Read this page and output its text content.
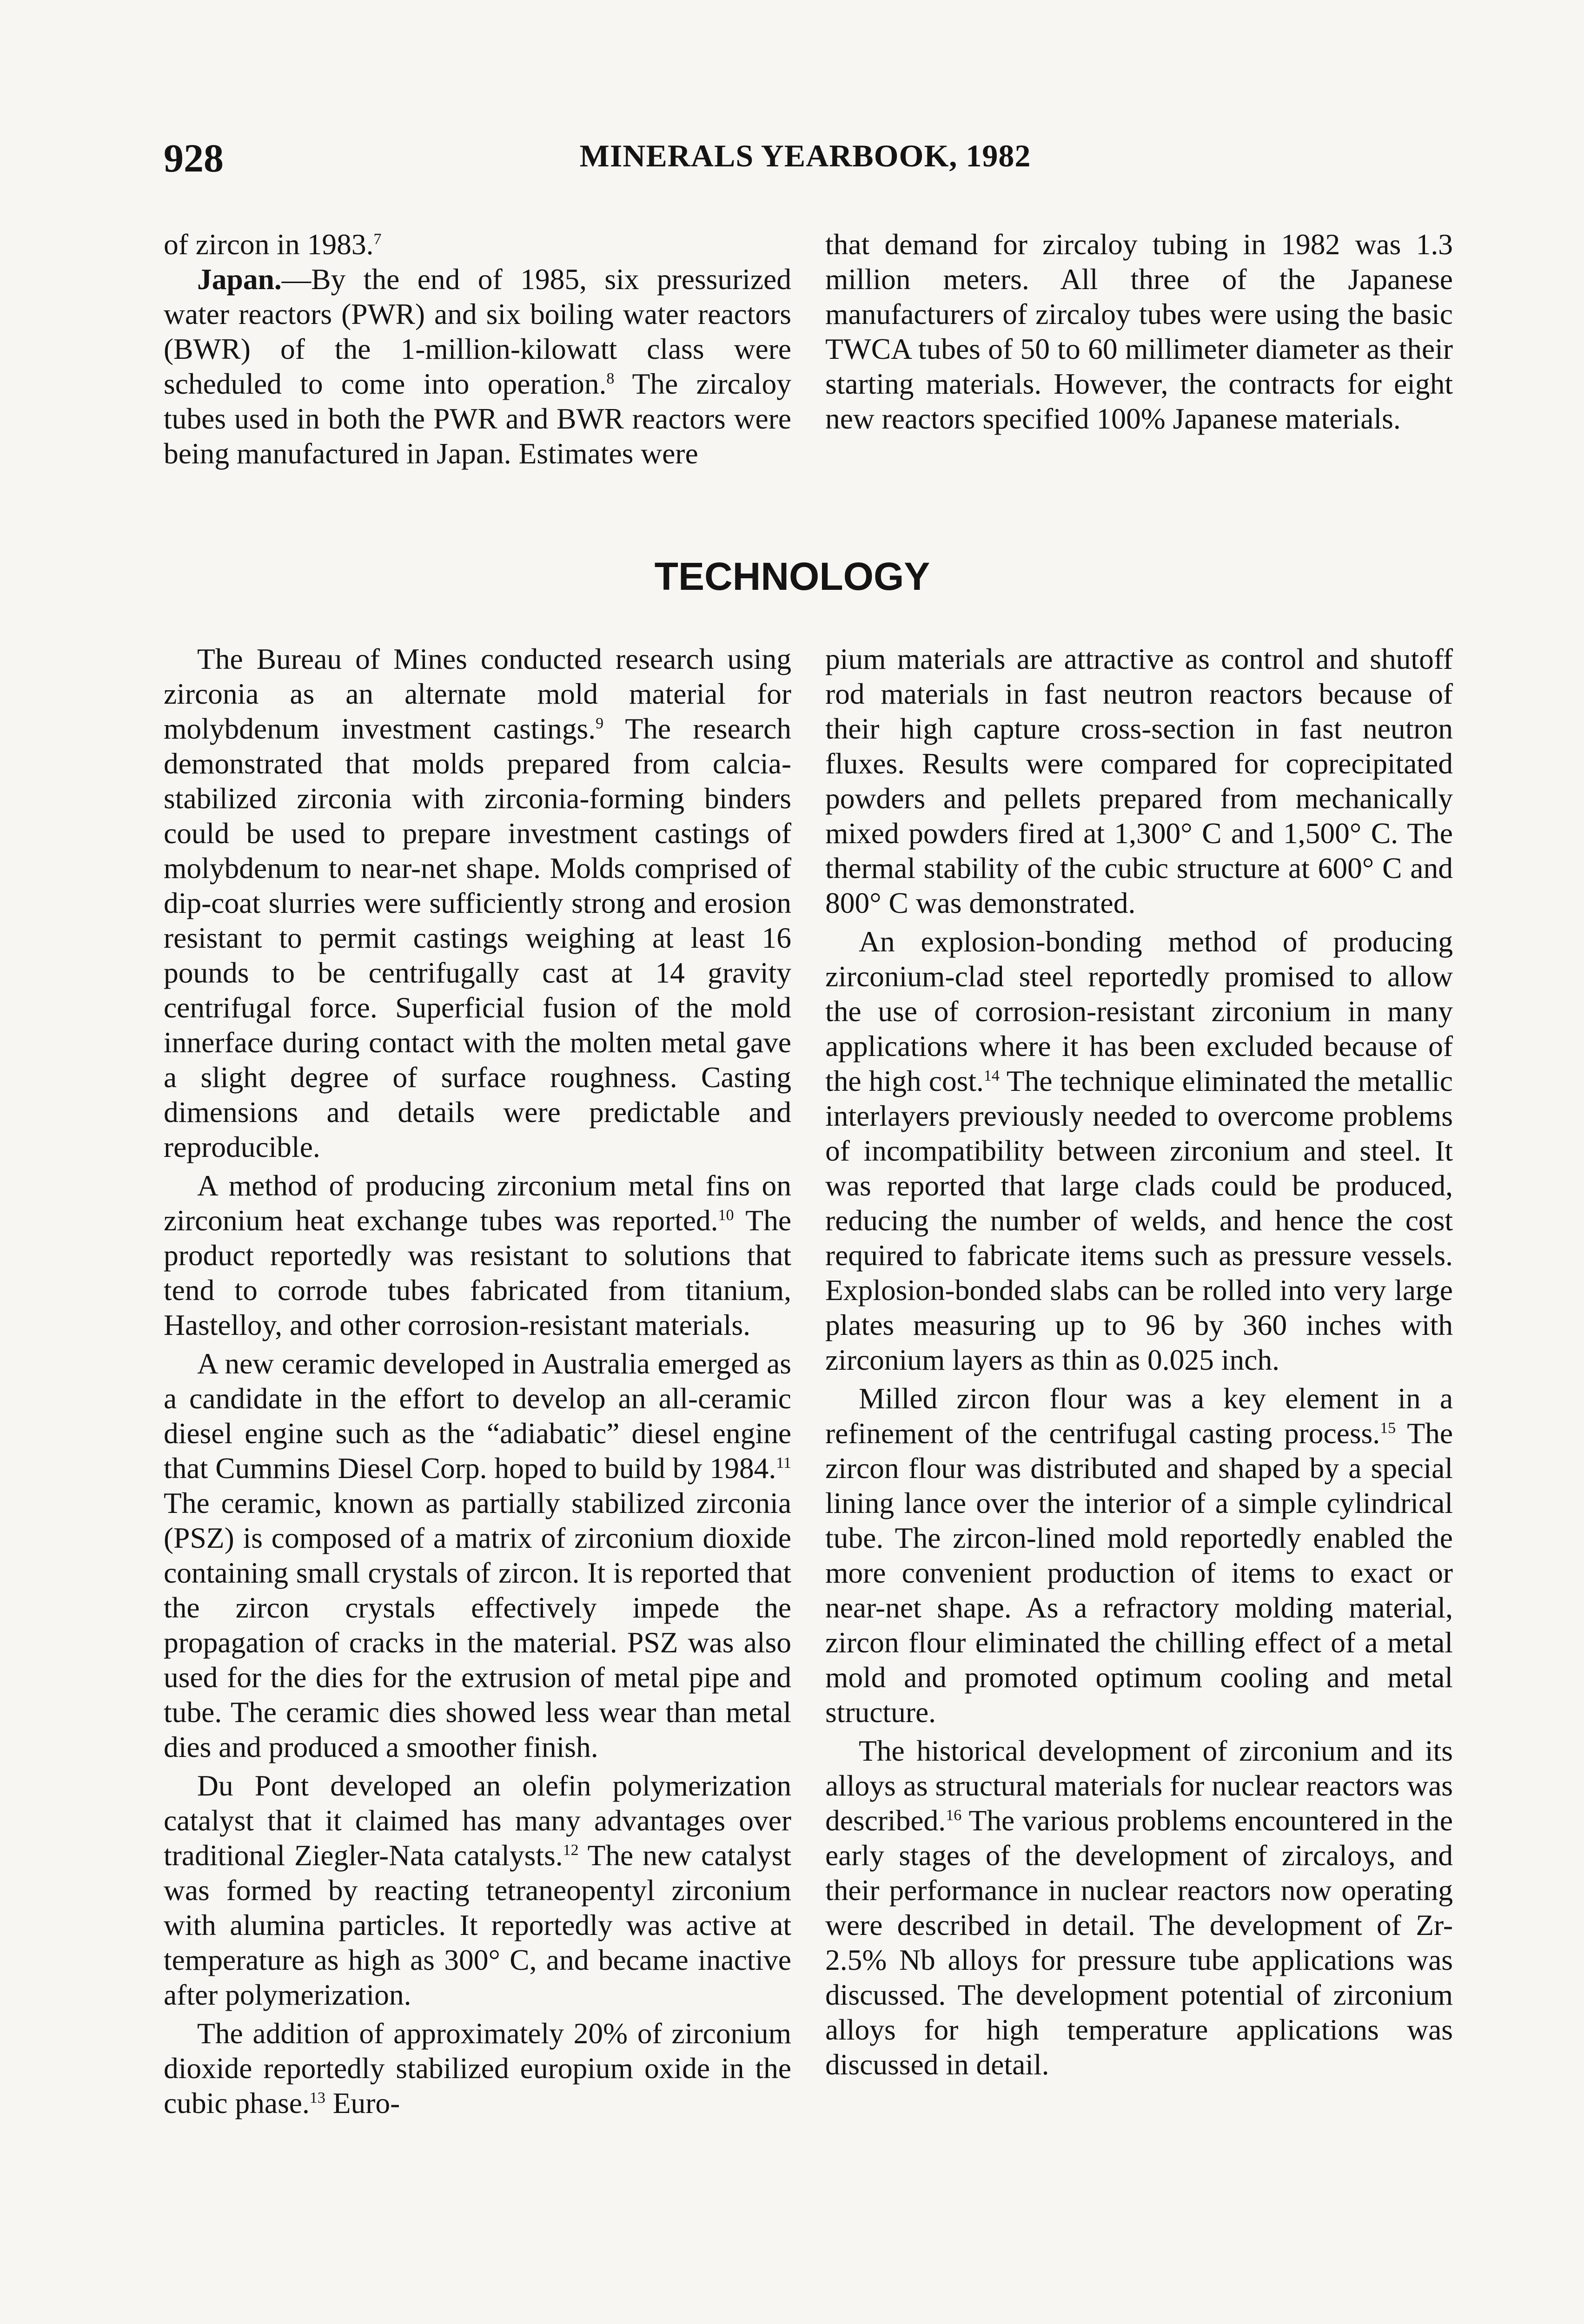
928	MINERALS YEARBOOK, 1982

of zircon in 1983.$^7$

Japan.—By the end of 1985, six pressurized water reactors (PWR) and six boiling water reactors (BWR) of the 1-million-kilowatt class were scheduled to come into operation.$^8$ The zircaloy tubes used in both the PWR and BWR reactors were being manufactured in Japan. Estimates were

that demand for zircaloy tubing in 1982 was 1.3 million meters. All three of the Japanese manufacturers of zircaloy tubes were using the basic TWCA tubes of 50 to 60 millimeter diameter as their starting materials. However, the contracts for eight new reactors specified 100% Japanese materials.

TECHNOLOGY

The Bureau of Mines conducted research using zirconia as an alternate mold material for molybdenum investment castings.$^9$ The research demonstrated that molds prepared from calcia-stabilized zirconia with zirconia-forming binders could be used to prepare investment castings of molybdenum to near-net shape. Molds comprised of dip-coat slurries were sufficiently strong and erosion resistant to permit castings weighing at least 16 pounds to be centrifugally cast at 14 gravity centrifugal force. Superficial fusion of the mold innerface during contact with the molten metal gave a slight degree of surface roughness. Casting dimensions and details were predictable and reproducible.

A method of producing zirconium metal fins on zirconium heat exchange tubes was reported.$^{10}$ The product reportedly was resistant to solutions that tend to corrode tubes fabricated from titanium, Hastelloy, and other corrosion-resistant materials.

A new ceramic developed in Australia emerged as a candidate in the effort to develop an all-ceramic diesel engine such as the “adiabatic” diesel engine that Cummins Diesel Corp. hoped to build by 1984.11 The ceramic, known as partially stabilized zirconia (PSZ) is composed of a matrix of zirconium dioxide containing small crystals of zircon. It is reported that the zircon crystals effectively impede the propagation of cracks in the material. PSZ was also used for the dies for the extrusion of metal pipe and tube. The ceramic dies showed less wear than metal dies and produced a smoother finish.

Du Pont developed an olefin polymerization catalyst that it claimed has many advantages over traditional Ziegler-Nata catalysts.$^{12}$ The new catalyst was formed by reacting tetraneopentyl zirconium with alumina particles. It reportedly was active at temperature as high as 300° C, and became inactive after polymerization.

The addition of approximately 20% of zirconium dioxide reportedly stabilized europium oxide in the cubic phase.$^{13}$ Euro-

pium materials are attractive as control and shutoff rod materials in fast neutron reactors because of their high capture cross-section in fast neutron fluxes. Results were compared for coprecipitated powders and pellets prepared from mechanically mixed powders fired at 1,300° C and 1,500° C. The thermal stability of the cubic structure at 600° C and 800° C was demonstrated.

An explosion-bonding method of producing zirconium-clad steel reportedly promised to allow the use of corrosion-resistant zirconium in many applications where it has been excluded because of the high cost.$^{14}$ The technique eliminated the metallic interlayers previously needed to overcome problems of incompatibility between zirconium and steel. It was reported that large clads could be produced, reducing the number of welds, and hence the cost required to fabricate items such as pressure vessels. Explosion-bonded slabs can be rolled into very large plates measuring up to 96 by 360 inches with zirconium layers as thin as 0.025 inch.

Milled zircon flour was a key element in a refinement of the centrifugal casting process.$^{15}$ The zircon flour was distributed and shaped by a special lining lance over the interior of a simple cylindrical tube. The zircon-lined mold reportedly enabled the more convenient production of items to exact or near-net shape. As a refractory molding material, zircon flour eliminated the chilling effect of a metal mold and promoted optimum cooling and metal structure.

The historical development of zirconium and its alloys as structural materials for nuclear reactors was described.$^{16}$ The various problems encountered in the early stages of the development of zircaloys, and their performance in nuclear reactors now operating were described in detail. The development of Zr-2.5% Nb alloys for pressure tube applications was discussed. The development potential of zirconium alloys for high temperature applications was discussed in detail.
